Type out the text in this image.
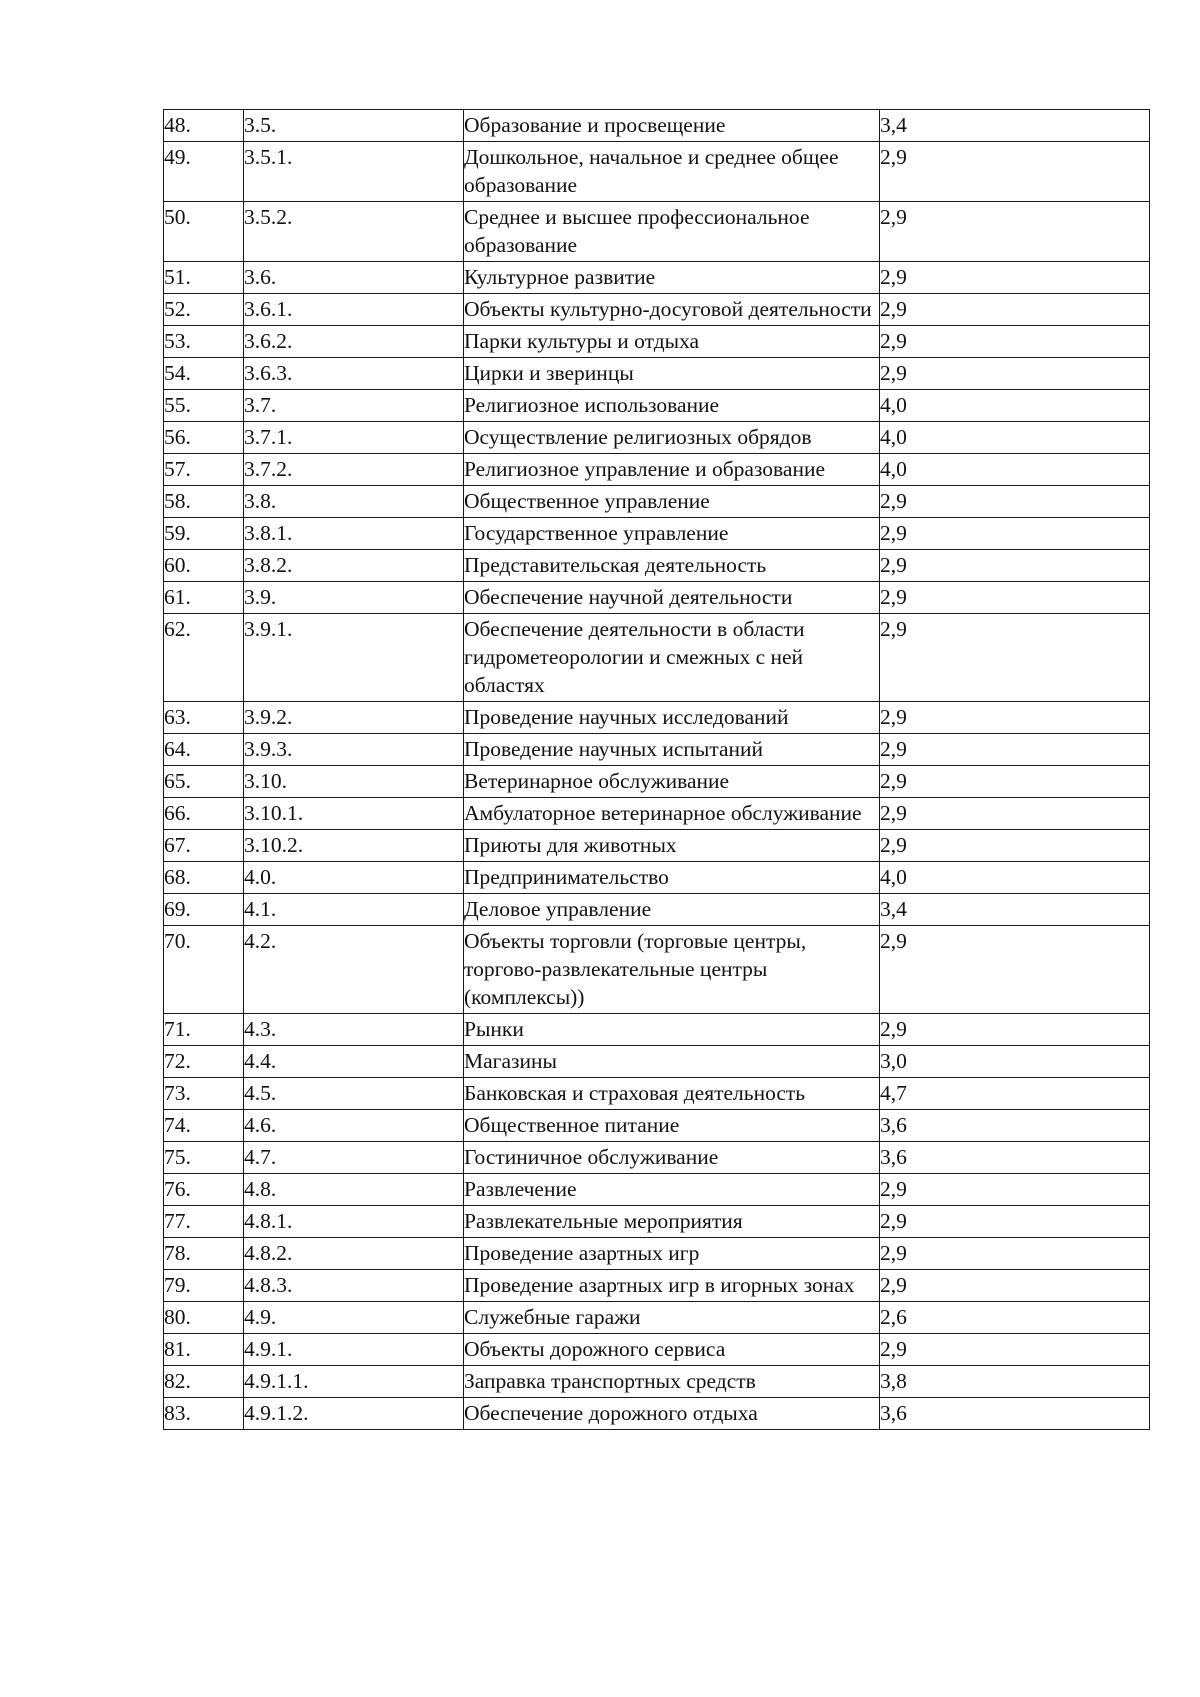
48.	3.5.	Образование и просвещение	3,4
49.	3.5.1.	Дошкольное, начальное и среднее общее образование	2,9
50.	3.5.2.	Среднее и высшее профессиональное образование	2,9
51.	3.6.	Культурное развитие	2,9
52.	3.6.1.	Объекты культурно-досуговой деятельности	2,9
53.	3.6.2.	Парки культуры и отдыха	2,9
54.	3.6.3.	Цирки и зверинцы	2,9
55.	3.7.	Религиозное использование	4,0
56.	3.7.1.	Осуществление религиозных обрядов	4,0
57.	3.7.2.	Религиозное управление и образование	4,0
58.	3.8.	Общественное управление	2,9
59.	3.8.1.	Государственное управление	2,9
60.	3.8.2.	Представительская деятельность	2,9
61.	3.9.	Обеспечение научной деятельности	2,9
62.	3.9.1.	Обеспечение деятельности в области гидрометеорологии и смежных с ней областях	2,9
63.	3.9.2.	Проведение научных исследований	2,9
64.	3.9.3.	Проведение научных испытаний	2,9
65.	3.10.	Ветеринарное обслуживание	2,9
66.	3.10.1.	Амбулаторное ветеринарное обслуживание	2,9
67.	3.10.2.	Приюты для животных	2,9
68.	4.0.	Предпринимательство	4,0
69.	4.1.	Деловое управление	3,4
70.	4.2.	Объекты торговли (торговые центры, торгово-развлекательные центры (комплексы))	2,9
71.	4.3.	Рынки	2,9
72.	4.4.	Магазины	3,0
73.	4.5.	Банковская и страховая деятельность	4,7
74.	4.6.	Общественное питание	3,6
75.	4.7.	Гостиничное обслуживание	3,6
76.	4.8.	Развлечение	2,9
77.	4.8.1.	Развлекательные мероприятия	2,9
78.	4.8.2.	Проведение азартных игр	2,9
79.	4.8.3.	Проведение азартных игр в игорных зонах	2,9
80.	4.9.	Служебные гаражи	2,6
81.	4.9.1.	Объекты дорожного сервиса	2,9
82.	4.9.1.1.	Заправка транспортных средств	3,8
83.	4.9.1.2.	Обеспечение дорожного отдыха	3,6
